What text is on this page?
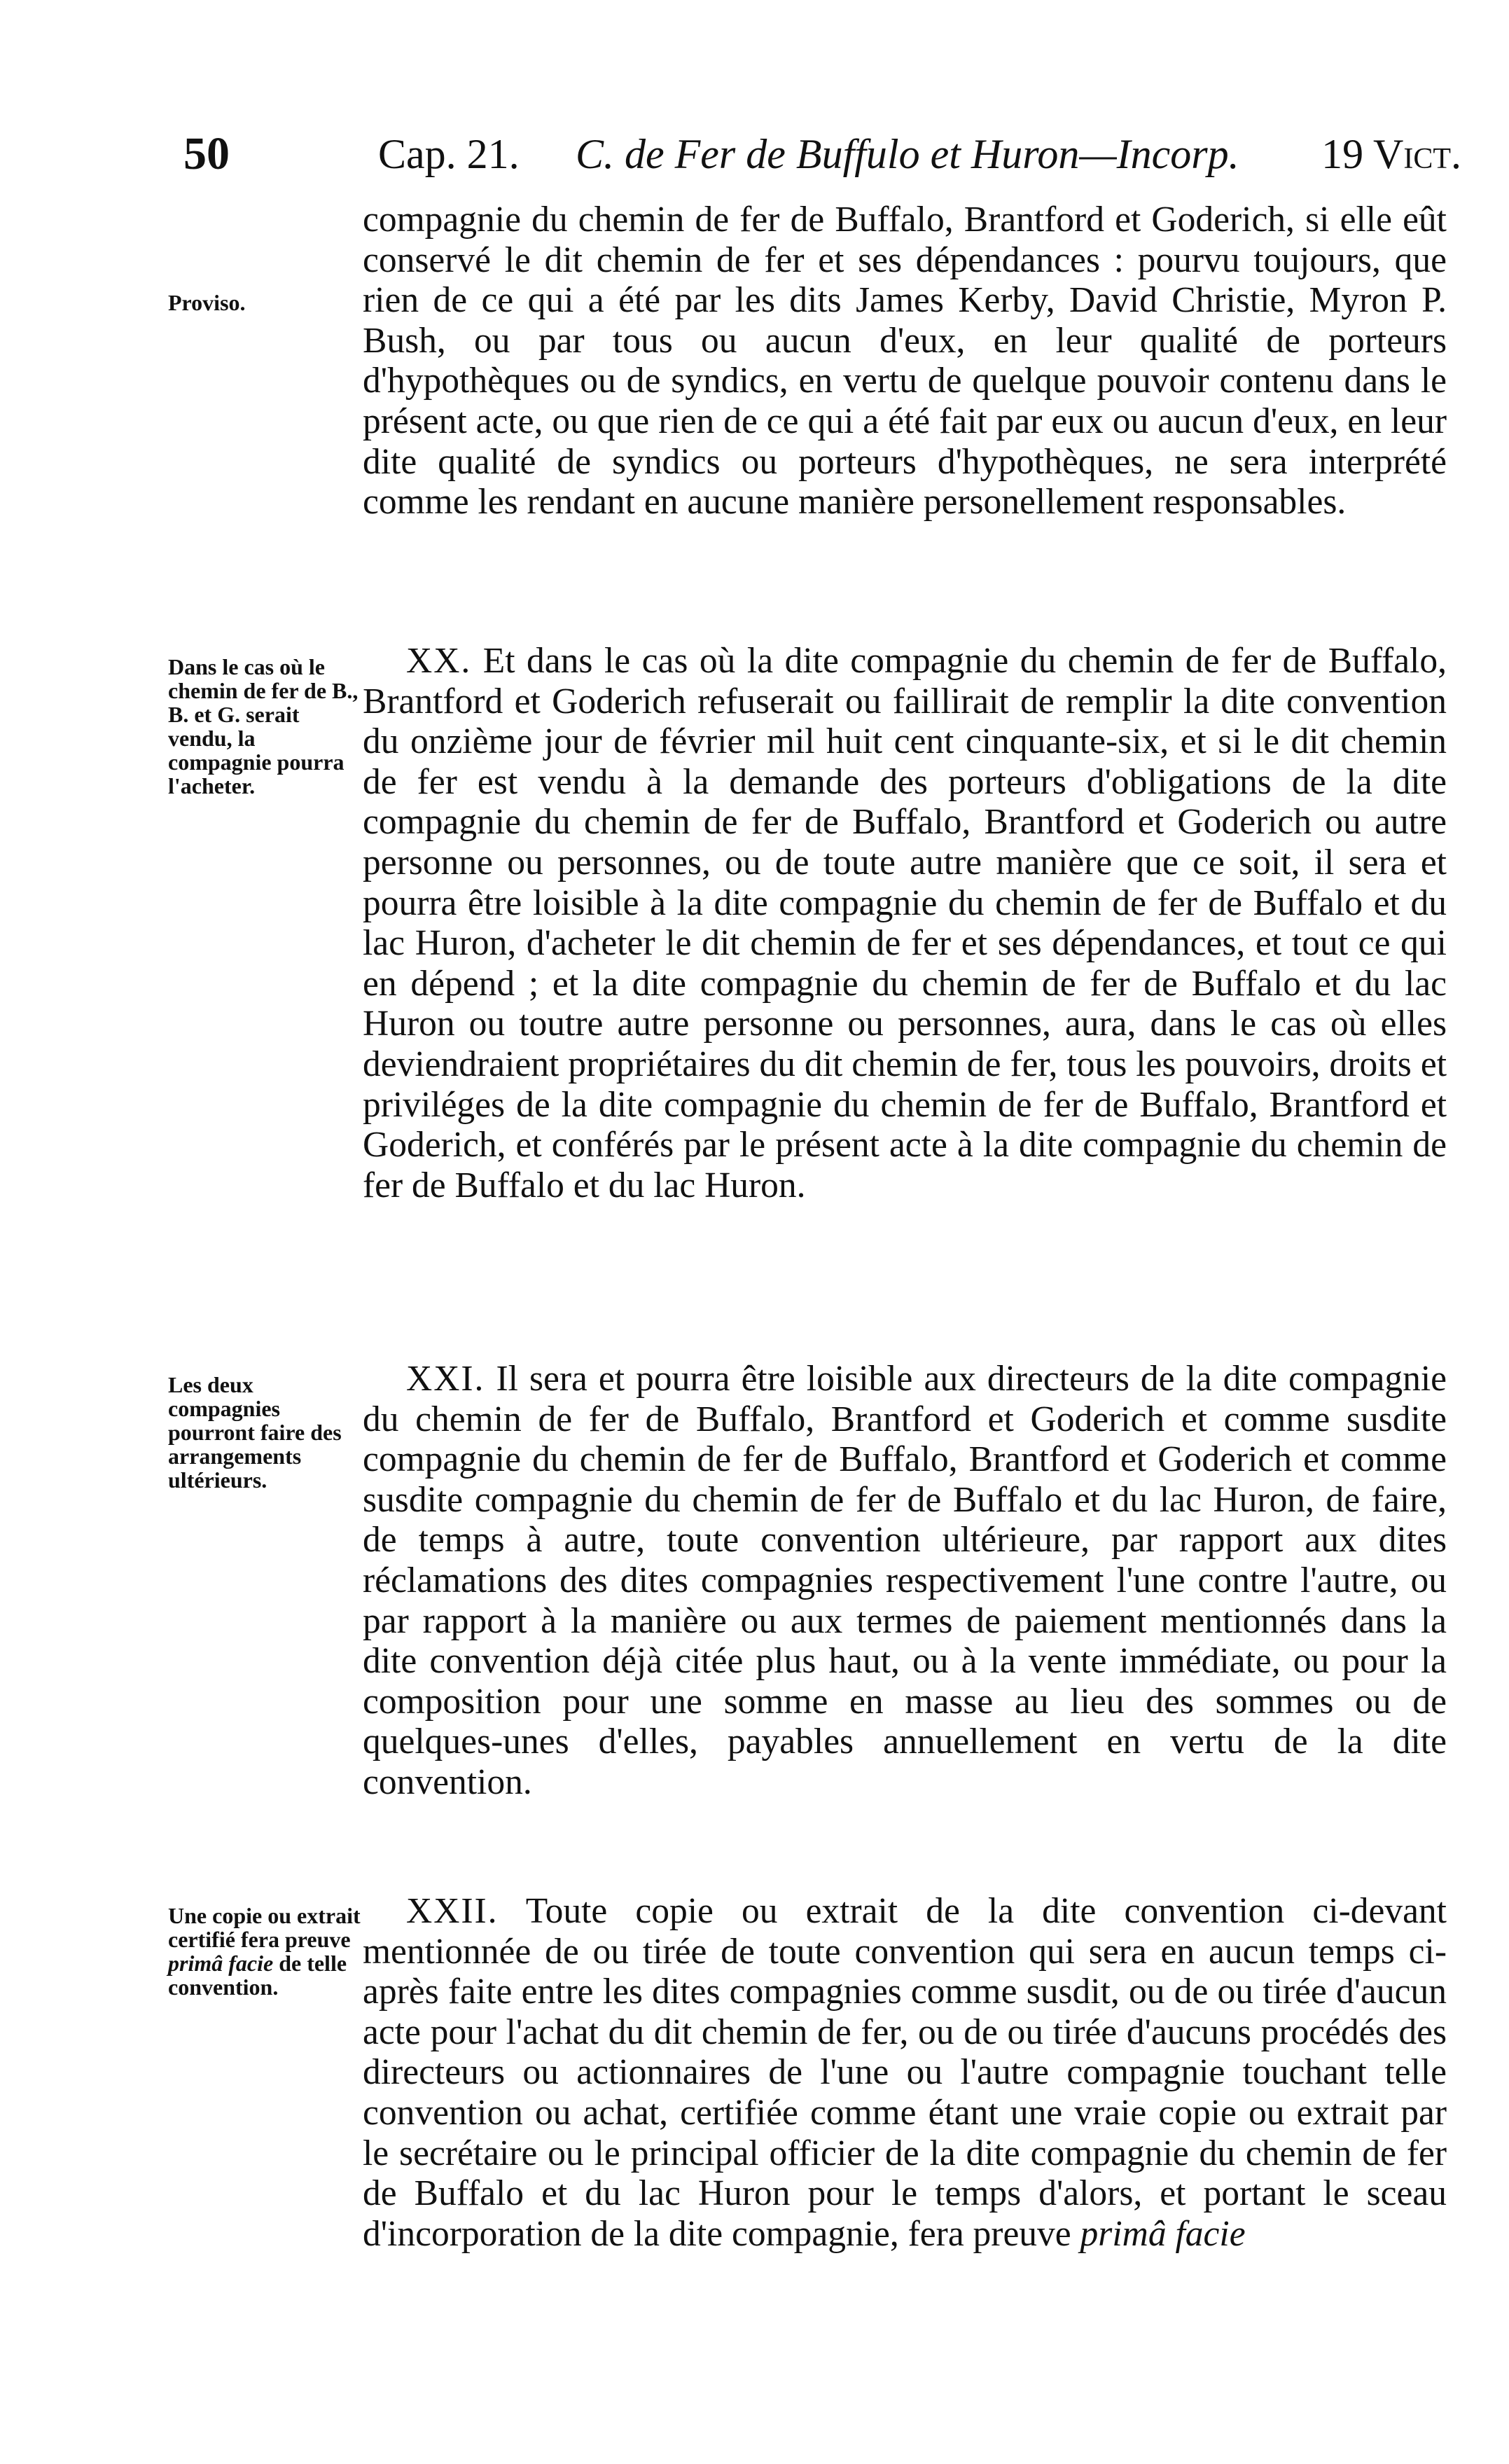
50	Cap. 21. C. de Fer de Buffulo et Huron—Incorp. 19 Vict.
Proviso.

compagnie du chemin de fer de Buffalo, Brantford et Goderich, si elle eût conservé le dit chemin de fer et ses dépendances : pourvu toujours, que rien de ce qui a été par les dits James Kerby, David Christie, Myron P. Bush, ou par tous ou aucun d'eux, en leur qualité de porteurs d'hypothèques ou de syndics, en vertu de quelque pouvoir contenu dans le présent acte, ou que rien de ce qui a été fait par eux ou aucun d'eux, en leur dite qualité de syndics ou porteurs d'hypothèques, ne sera interprété comme les rendant en aucune manière personellement responsables.

Dans le cas où le chemin de fer de B., B. et G. serait vendu, la compagnie pourra l'acheter.

XX. Et dans le cas où la dite compagnie du chemin de fer de Buffalo, Brantford et Goderich refuserait ou faillirait de remplir la dite convention du onzième jour de février mil huit cent cinquante-six, et si le dit chemin de fer est vendu à la demande des porteurs d'obligations de la dite compagnie du chemin de fer de Buffalo, Brantford et Goderich ou autre personne ou personnes, ou de toute autre manière que ce soit, il sera et pourra être loisible à la dite compagnie du chemin de fer de Buffalo et du lac Huron, d'acheter le dit chemin de fer et ses dépendances, et tout ce qui en dépend ; et la dite compagnie du chemin de fer de Buffalo et du lac Huron ou toutre autre personne ou personnes, aura, dans le cas où elles deviendraient propriétaires du dit chemin de fer, tous les pouvoirs, droits et priviléges de la dite compagnie du chemin de fer de Buffalo, Brantford et Goderich, et conférés par le présent acte à la dite compagnie du chemin de fer de Buffalo et du lac Huron.

Les deux compagnies pourront faire des arrangements ultérieurs.

XXI. Il sera et pourra être loisible aux directeurs de la dite compagnie du chemin de fer de Buffalo, Brantford et Goderich et comme susdite compagnie du chemin de fer de Buffalo, Brantford et Goderich et comme susdite compagnie du chemin de fer de Buffalo et du lac Huron, de faire, de temps à autre, toute convention ultérieure, par rapport aux dites réclamations des dites compagnies respectivement l'une contre l'autre, ou par rapport à la manière ou aux termes de paiement mentionnés dans la dite convention déjà citée plus haut, ou à la vente immédiate, ou pour la composition pour une somme en masse au lieu des sommes ou de quelques-unes d'elles, payables annuellement en vertu de la dite convention.

Une copie ou extrait certifié fera preuve primâ facie de telle convention.

XXII. Toute copie ou extrait de la dite convention ci-devant mentionnée de ou tirée de toute convention qui sera en aucun temps ci-après faite entre les dites compagnies comme susdit, ou de ou tirée d'aucun acte pour l'achat du dit chemin de fer, ou de ou tirée d'aucuns procédés des directeurs ou actionnaires de l'une ou l'autre compagnie touchant telle convention ou achat, certifiée comme étant une vraie copie ou extrait par le secrétaire ou le principal officier de la dite compagnie du chemin de fer de Buffalo et du lac Huron pour le temps d'alors, et portant le sceau d'incorporation de la dite compagnie, fera preuve primâ facie
